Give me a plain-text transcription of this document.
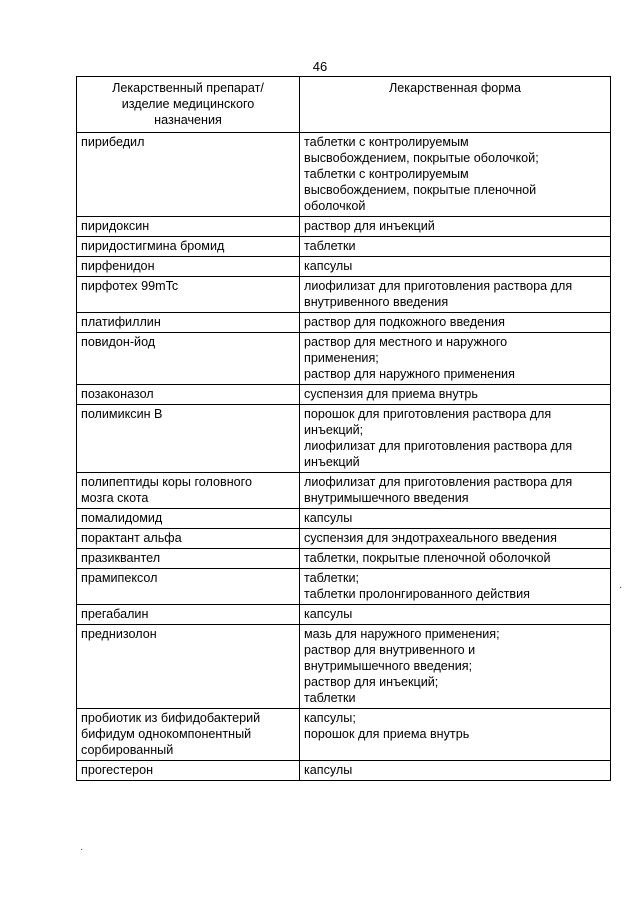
46
Лекарственный препарат/
изделие медицинского
назначения	Лекарственная форма
пирибедил	таблетки с контролируемым
высвобождением, покрытые оболочкой;
таблетки с контролируемым
высвобождением, покрытые пленочной
оболочкой
пиридоксин	раствор для инъекций
пиридостигмина бромид	таблетки
пирфенидон	капсулы
пирфотех 99mTc	лиофилизат для приготовления раствора для
внутривенного введения
платифиллин	раствор для подкожного введения
повидон-йод	раствор для местного и наружного
применения;
раствор для наружного применения
позаконазол	суспензия для приема внутрь
полимиксин В	порошок для приготовления раствора для
инъекций;
лиофилизат для приготовления раствора для
инъекций
полипептиды коры головного
мозга скота	лиофилизат для приготовления раствора для
внутримышечного введения
помалидомид	капсулы
порактант альфа	суспензия для эндотрахеального введения
празиквантел	таблетки, покрытые пленочной оболочкой
прамипексол	таблетки;
таблетки пролонгированного действия
прегабалин	капсулы
преднизолон	мазь для наружного применения;
раствор для внутривенного и
внутримышечного введения;
раствор для инъекций;
таблетки
пробиотик из бифидобактерий
бифидум однокомпонентный
сорбированный	капсулы;
порошок для приема внутрь
прогестерон	капсулы
·
·
